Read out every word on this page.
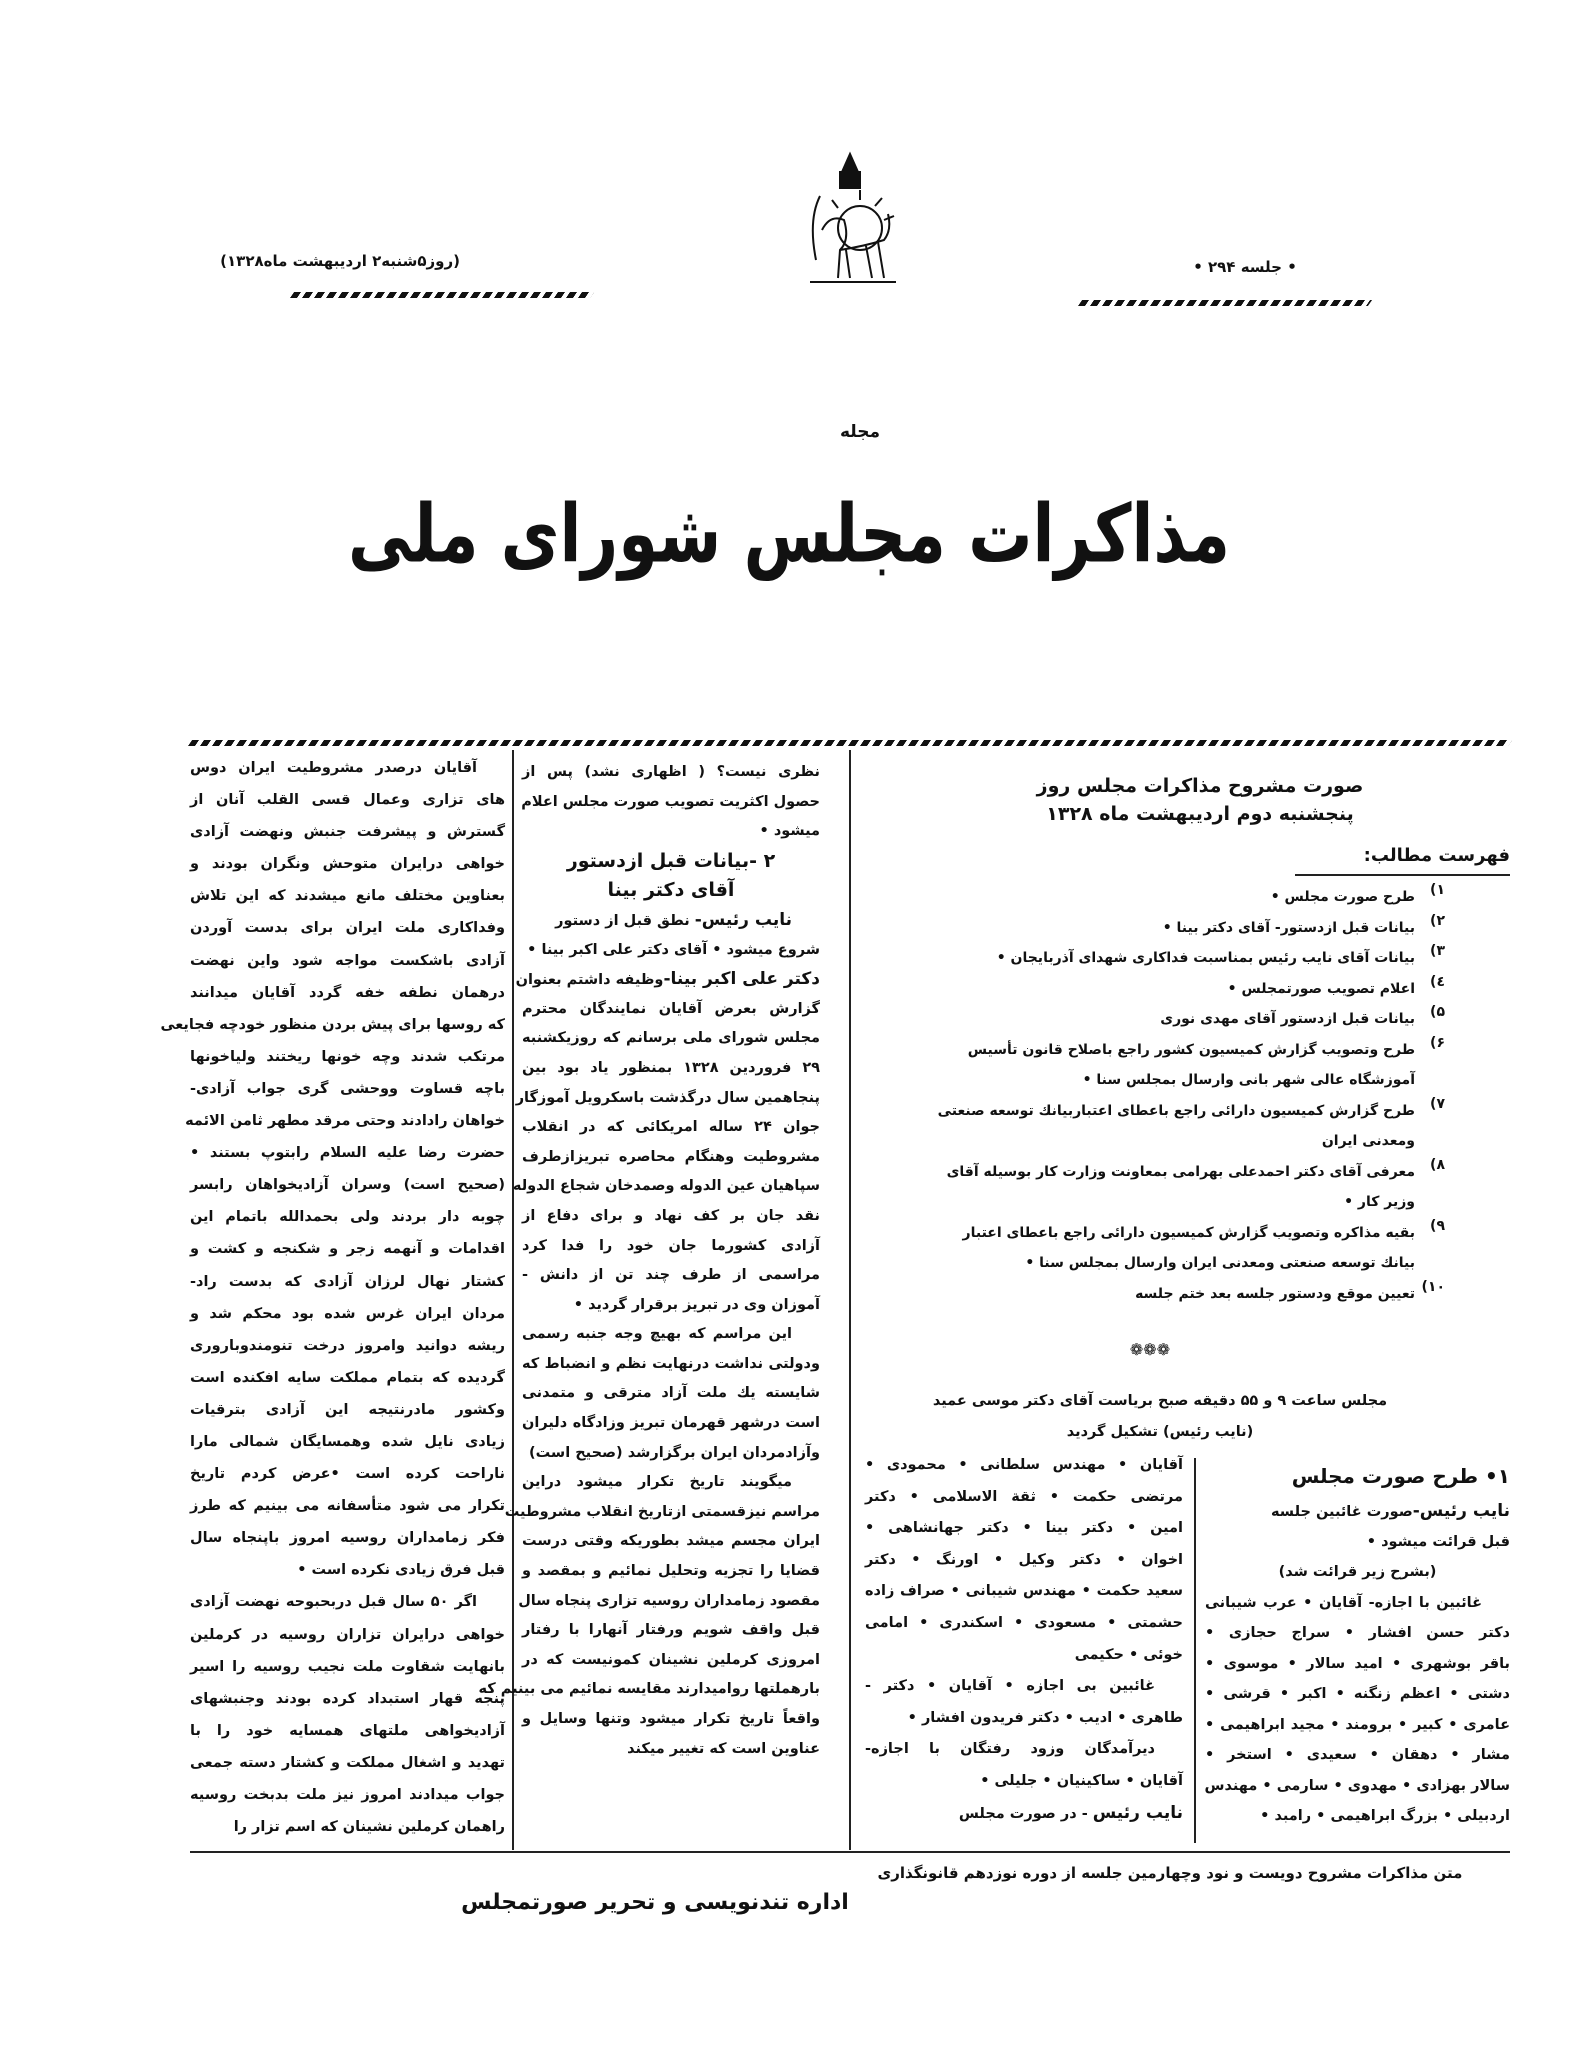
(روز۵شنبه۲ اردیبهشت ماه۱۳۲۸)	• جلسه ۲۹۴ •
مجله
مذاکرات مجلس شورای ملی
آقایان درصدر مشروطیت ایران دوس
های تزاری وعمال قسی القلب آنان از
گسترش و پیشرفت جنبش ونهضت آزادی
خواهی درایران متوحش ونگران بودند و
بعناوین مختلف مانع میشدند که این تلاش
وفداکاری ملت ایران برای بدست آوردن
آزادی باشکست مواجه شود واین نهضت
درهمان نطفه خفه گردد آقایان میدانند
که روسها برای پیش بردن منظور خودچه فجایعی
مرتکب شدند وچه خونها ریختند ولیاخونها
باچه قساوت ووحشی گری جواب آزادی-
خواهان رادادند وحتی مرقد مطهر ثامن الائمه
حضرت رضا علیه السلام رابتوپ بستند •
(صحیح است) وسران آزادیخواهان رابسر
چوبه دار بردند ولی بحمدالله باتمام این
اقدامات و آنهمه زجر و شکنجه و کشت و
کشتار نهال لرزان آزادی که بدست راد-
مردان ایران غرس شده بود محکم شد و
ریشه دوانید وامروز درخت تنومندوباروری
گردیده که بتمام مملکت سایه افکنده است
وکشور مادرنتیجه این آزادی بترقیات
زیادی نایل شده وهمسایگان شمالی مارا
ناراحت کرده است •عرض کردم تاریخ
تکرار می شود متأسفانه می بینیم که طرز
فکر زمامداران روسیه امروز باپنجاه سال
قبل فرق زیادی نکرده است •
اگر ۵۰ سال قبل دربحبوحه نهضت آزادی
خواهی درایران تزاران روسیه در کرملین
بانهایت شقاوت ملت نجیب روسیه را اسیر
پنجه قهار استبداد کرده بودند وجنبشهای
آزادیخواهی ملتهای همسایه خود را با
تهدید و اشغال مملکت و کشتار دسته جمعی
جواب میدادند امروز نیز ملت بدبخت روسیه
راهمان کرملین نشینان که اسم تزار را
نظری نیست؟ ( اظهاری نشد) پس از
حصول اکثریت تصویب صورت مجلس اعلام
میشود •
۲ -بیانات قبل ازدستور
آقای دکتر بینا
نایب رئیس- نطق قبل از دستور
شروع میشود • آقای دکتر علی اکبر بینا •
دکتر علی اکبر بینا-وظیفه داشتم بعنوان
گزارش بعرض آقایان نمایندگان محترم
مجلس شورای ملی برسانم که روزیکشنبه
۲۹ فروردین ۱۳۲۸ بمنظور یاد بود بین
پنجاهمین سال درگذشت باسکرویل آموزگار
جوان ۲۴ ساله امریکائی که در انقلاب
مشروطیت وهنگام محاصره تبریزازطرف
سپاهیان عین الدوله وصمدخان شجاع الدوله
نقد جان بر کف نهاد و برای دفاع از
آزادی کشورما جان خود را فدا کرد
مراسمی از طرف چند تن از دانش -
آموزان وی در تبریز برقرار گردید •
این مراسم که بهیچ وجه جنبه رسمی
ودولتی نداشت درنهایت نظم و انضباط که
شایسته یك ملت آزاد مترقی و متمدنی
است درشهر قهرمان تبریز وزادگاه دلیران
وآزادمردان ایران برگزارشد (صحیح است)
میگویند تاریخ تکرار میشود دراین
مراسم نیزقسمتی ازتاریخ انقلاب مشروطیت
ایران مجسم میشد بطوریکه وقتی درست
قضایا را تجزیه وتحلیل نمائیم و بمقصد و
مقصود زمامداران روسیه تزاری پنجاه سال
قبل واقف شویم ورفتار آنهارا با رفتار
امروزی کرملین نشینان کمونیست که در
بارهملتها روامیدارند مقایسه نمائیم می بینیم که
واقعاً تاریخ تکرار میشود وتنها وسایل و
عناوین است که تغییر میکند
صورت مشروح مذاکرات مجلس روز
پنجشنبه دوم اردیبهشت ماه ۱۳۲۸
فهرست مطالب:
۱)
طرح صورت مجلس •
۲)
بیانات قبل ازدستور- آقای دکتر بینا •
۳)
بیانات آقای نایب رئیس بمناسبت فداکاری شهدای آذربایجان •
٤)
اعلام تصویب صورتمجلس •
۵)
بیانات قبل ازدستور آقای مهدی نوری
۶)
طرح وتصویب گزارش کمیسیون کشور راجع باصلاح قانون تأسیس
آموزشگاه عالی شهر بانی وارسال بمجلس سنا •
۷)
طرح گزارش کمیسیون دارائی راجع باعطای اعتباربیانك توسعه صنعتی
ومعدنی ایران
۸)
معرفی آقای دکتر احمدعلی بهرامی بمعاونت وزارت کار بوسیله آقای
وزیر کار •
۹)
بقیه مذاکره وتصویب گزارش کمیسیون دارائی راجع باعطای اعتبار
بیانك توسعه صنعتی ومعدنی ایران وارسال بمجلس سنا •
۱۰)
تعیین موقع ودستور جلسه بعد ختم جلسه
❁❁❁
مجلس ساعت ۹ و ۵۵ دقیقه صبح بریاست آقای دکتر موسی عمید
(نایب رئیس) تشکیل گردید
۱• طرح صورت مجلس
نایب رئیس-صورت غائبین جلسه
قبل قرائت میشود •
(بشرح زیر قرائت شد)
غائبین با اجازه- آقایان • عرب شیبانی
دکتر حسن افشار • سراج حجازی •
باقر بوشهری • امید سالار • موسوی •
دشتی • اعظم زنگنه • اکبر • قرشی •
عامری • کبیر • برومند • مجید ابراهیمی •
مشار • دهقان • سعیدی • استخر •
سالار بهزادی • مهدوی • سارمی • مهندس
اردبیلی • بزرگ ابراهیمی • رامبد •
آقایان • مهندس سلطانی • محمودی •
مرتضی حکمت • ثقة الاسلامی • دکتر
امین • دکتر بینا • دکتر جهانشاهی •
اخوان • دکتر وکیل • اورنگ • دکتر
سعید حکمت • مهندس شیبانی • صراف زاده
حشمتی • مسعودی • اسکندری • امامی
خوئی • حکیمی
غائبین بی اجازه • آقایان • دکتر -
طاهری • ادیب • دکتر فریدون افشار •
دیرآمدگان وزود رفتگان با اجازه-
آقایان • ساکینیان • جلیلی •
نایب رئیس - در صورت مجلس
متن مذاکرات مشروح دویست و نود وچهارمین جلسه از دوره نوزدهم قانونگذاری
اداره تندنویسی و تحریر صورتمجلس
